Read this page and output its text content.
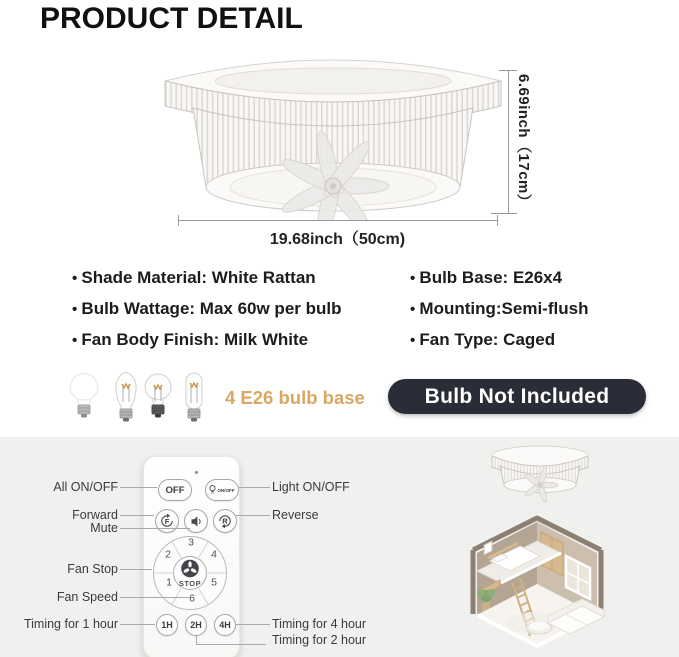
PRODUCT DETAIL
6.69inch（17cm）
19.68inch（50cm)
• Shade Material: White Rattan
• Bulb Wattage: Max 60w per bulb
• Fan Body Finish: Milk White
• Bulb Base: E26x4
• Mounting:Semi-flush
• Fan Type: Caged
4 E26 bulb base	Bulb Not Included
OFF	ON/OFF
F	R
STOP
1
2
3
4
5
6
1H	2H	4H
All ON/OFF
Forward
Mute
Fan Stop
Fan Speed
Timing for 1 hour
Light ON/OFF
Reverse
Timing for 4 hour
Timing for 2 hour
